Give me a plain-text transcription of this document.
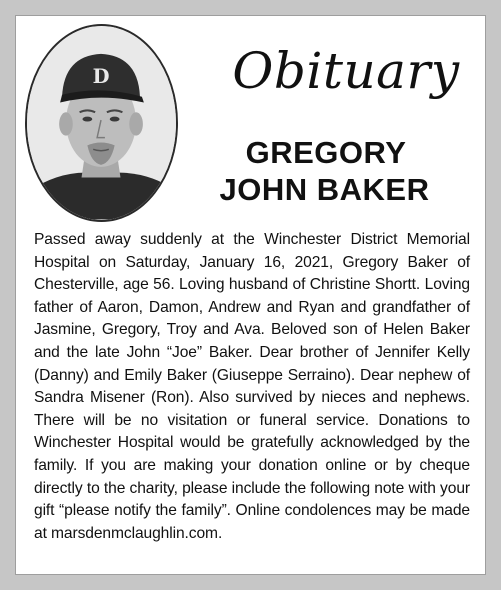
D Obituary
GREGORY
JOHN BAKER

Passed away suddenly at the Winchester District Memorial Hospital on Saturday, January 16, 2021, Gregory Baker of Chesterville, age 56. Loving husband of Christine Shortt. Loving father of Aaron, Damon, Andrew and Ryan and grandfather of Jasmine, Gregory, Troy and Ava. Beloved son of Helen Baker and the late John “Joe” Baker. Dear brother of Jennifer Kelly (Danny) and Emily Baker (Giuseppe Serraino). Dear nephew of Sandra Misener (Ron). Also survived by nieces and nephews. There will be no visitation or funeral service. Donations to Winchester Hospital would be gratefully acknowledged by the family. If you are making your donation online or by cheque directly to the charity, please include the following note with your gift “please notify the family”. Online condolences may be made at marsdenmclaughlin.com.
